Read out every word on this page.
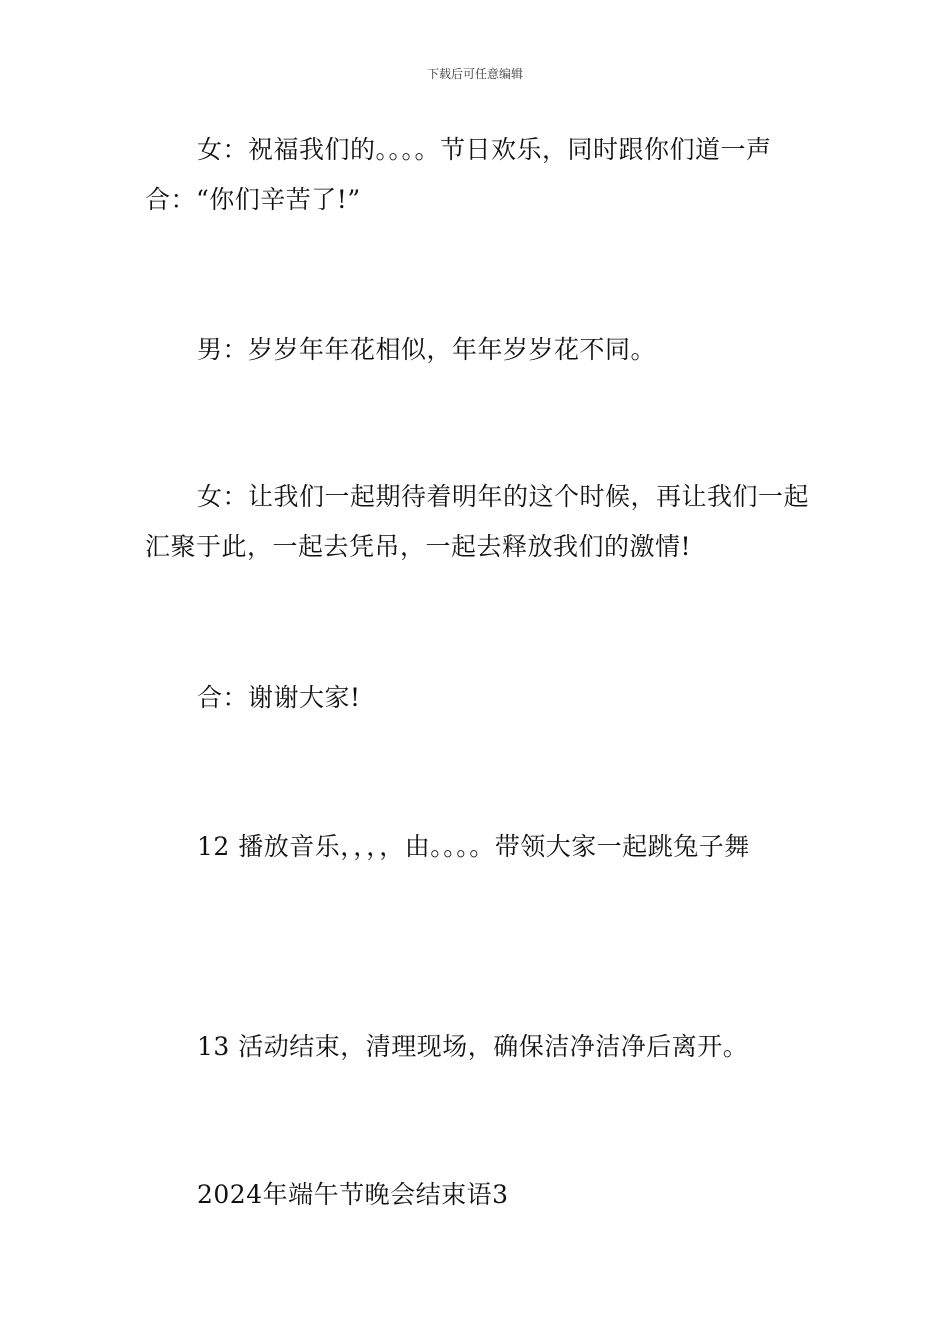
下载后可任意编辑

女：祝福我们的。。。。节日欢乐，同时跟你们道一声合：“你们辛苦了!”

男：岁岁年年花相似，年年岁岁花不同。

女：让我们一起期待着明年的这个时候，再让我们一起汇聚于此，一起去凭吊，一起去释放我们的激情!

合：谢谢大家!

12 播放音乐，，，，由。。。。带领大家一起跳兔子舞

13 活动结束，清理现场，确保洁净洁净后离开。

2024年端午节晚会结束语3
